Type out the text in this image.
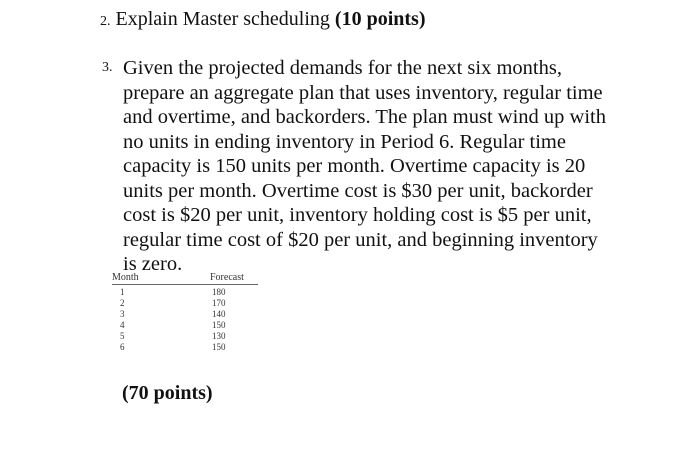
2. Explain Master scheduling (10 points)
3. Given the projected demands for the next six months,
prepare an aggregate plan that uses inventory, regular time
and overtime, and backorders. The plan must wind up with
no units in ending inventory in Period 6. Regular time
capacity is 150 units per month. Overtime capacity is 20
units per month. Overtime cost is $30 per unit, backorder
cost is $20 per unit, inventory holding cost is $5 per unit,
regular time cost of $20 per unit, and beginning inventory
is zero.
Month	Forecast
1	180
2	170
3	140
4	150
5	130
6	150
(70 points)
